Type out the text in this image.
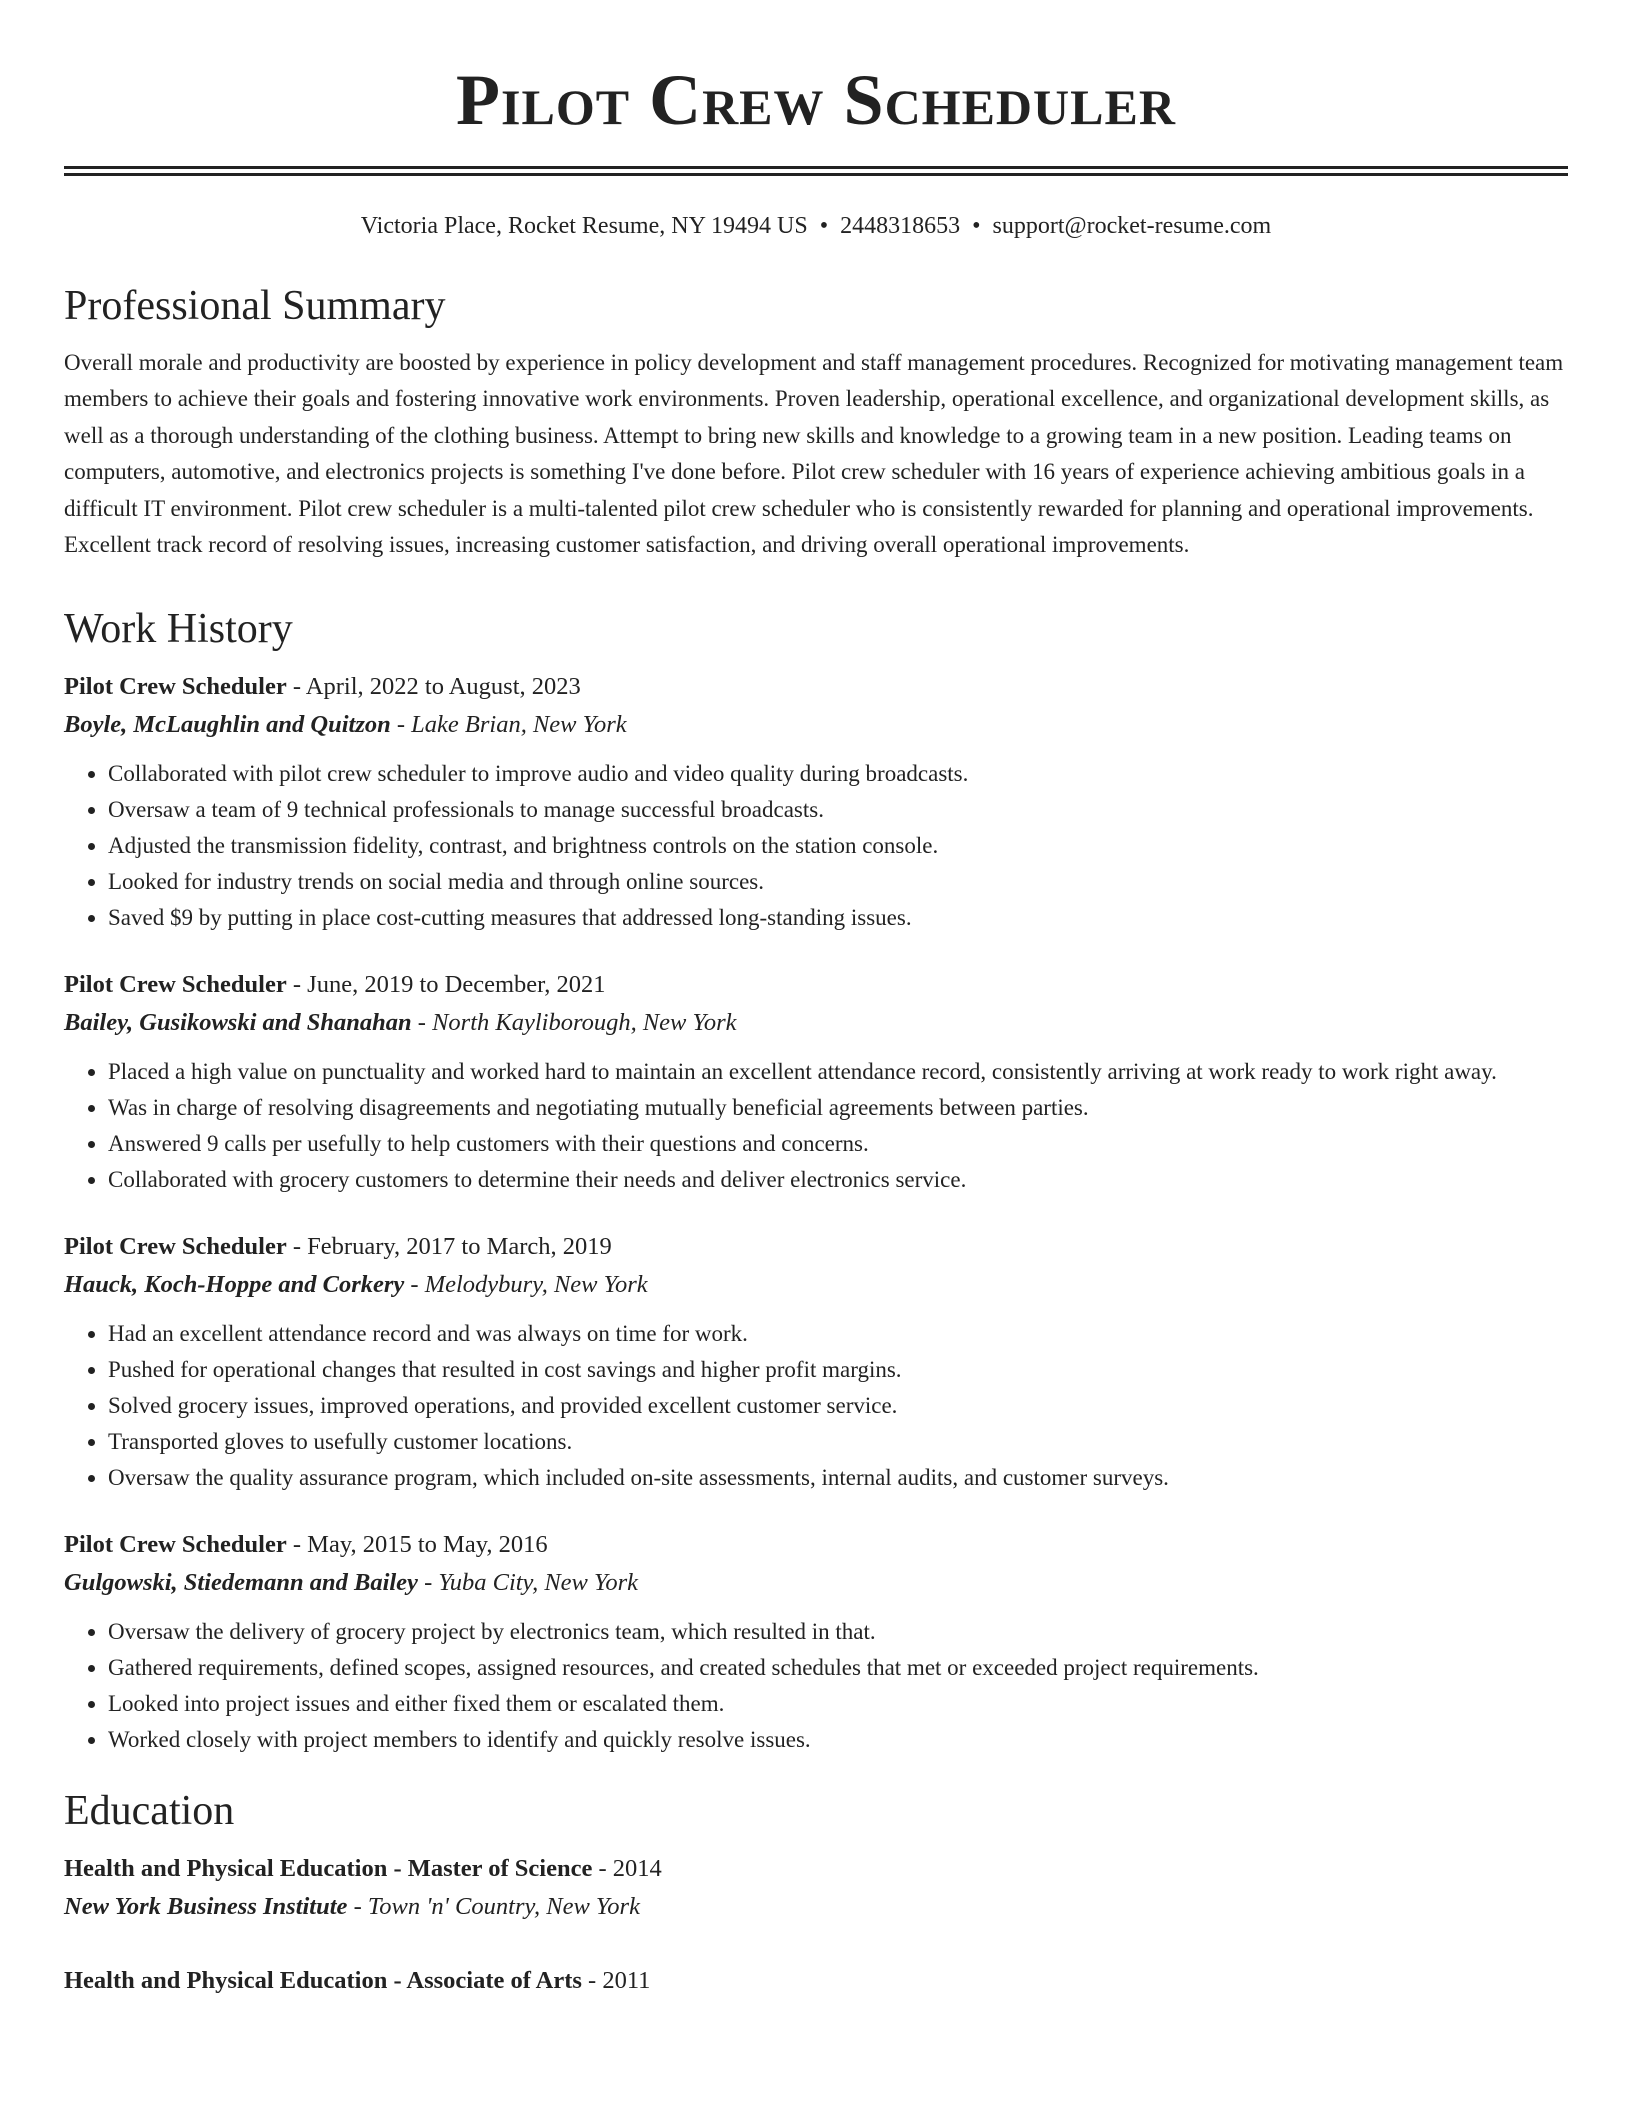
Pilot Crew Scheduler
Victoria Place, Rocket Resume, NY 19494 US • 2448318653 • support@rocket-resume.com
Professional Summary

Overall morale and productivity are boosted by experience in policy development and staff management procedures. Recognized for motivating management team members to achieve their goals and fostering innovative work environments. Proven leadership, operational excellence, and organizational development skills, as well as a thorough understanding of the clothing business. Attempt to bring new skills and knowledge to a growing team in a new position. Leading teams on computers, automotive, and electronics projects is something I've done before. Pilot crew scheduler with 16 years of experience achieving ambitious goals in a difficult IT environment. Pilot crew scheduler is a multi-talented pilot crew scheduler who is consistently rewarded for planning and operational improvements. Excellent track record of resolving issues, increasing customer satisfaction, and driving overall operational improvements.

Work History
Pilot Crew Scheduler - April, 2022 to August, 2023
Boyle, McLaughlin and Quitzon - Lake Brian, New York
• Collaborated with pilot crew scheduler to improve audio and video quality during broadcasts.
• Oversaw a team of 9 technical professionals to manage successful broadcasts.
• Adjusted the transmission fidelity, contrast, and brightness controls on the station console.
• Looked for industry trends on social media and through online sources.
• Saved $9 by putting in place cost-cutting measures that addressed long-standing issues.
Pilot Crew Scheduler - June, 2019 to December, 2021
Bailey, Gusikowski and Shanahan - North Kayliborough, New York
• Placed a high value on punctuality and worked hard to maintain an excellent attendance record, consistently arriving at work ready to work right away.
• Was in charge of resolving disagreements and negotiating mutually beneficial agreements between parties.
• Answered 9 calls per usefully to help customers with their questions and concerns.
• Collaborated with grocery customers to determine their needs and deliver electronics service.
Pilot Crew Scheduler - February, 2017 to March, 2019
Hauck, Koch-Hoppe and Corkery - Melodybury, New York
• Had an excellent attendance record and was always on time for work.
• Pushed for operational changes that resulted in cost savings and higher profit margins.
• Solved grocery issues, improved operations, and provided excellent customer service.
• Transported gloves to usefully customer locations.
• Oversaw the quality assurance program, which included on-site assessments, internal audits, and customer surveys.
Pilot Crew Scheduler - May, 2015 to May, 2016
Gulgowski, Stiedemann and Bailey - Yuba City, New York
• Oversaw the delivery of grocery project by electronics team, which resulted in that.
• Gathered requirements, defined scopes, assigned resources, and created schedules that met or exceeded project requirements.
• Looked into project issues and either fixed them or escalated them.
• Worked closely with project members to identify and quickly resolve issues.
Education
Health and Physical Education - Master of Science - 2014
New York Business Institute - Town 'n' Country, New York
Health and Physical Education - Associate of Arts - 2011
